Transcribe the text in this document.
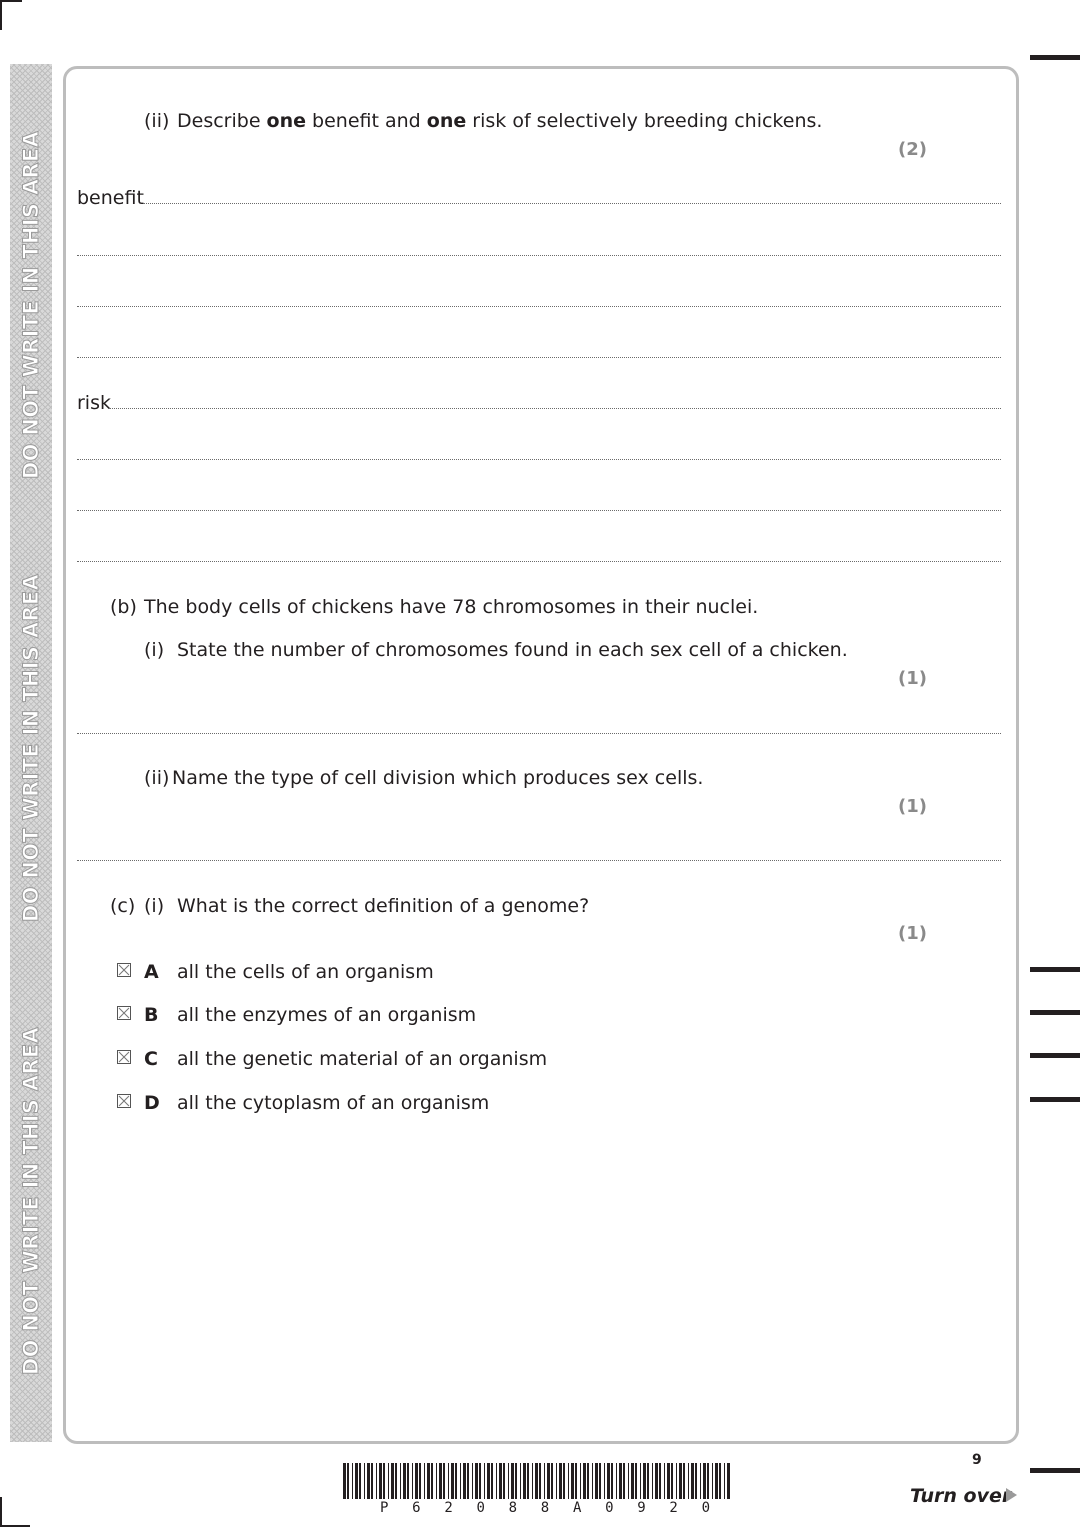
DO NOT WRITE IN THIS AREA
DO NOT WRITE IN THIS AREA
DO NOT WRITE IN THIS AREA
(ii) Describe one benefit and one risk of selectively breeding chickens.
(2)
benefit
risk
(b) The body cells of chickens have 78 chromosomes in their nuclei.
(i) State the number of chromosomes found in each sex cell of a chicken.
(1)
(ii) Name the type of cell division which produces sex cells.
(1)
(c) (i) What is the correct definition of a genome?
(1)
A all the cells of an organism
B all the enzymes of an organism
C all the genetic material of an organism
D all the cytoplasm of an organism
P 6 2 0 8 8 A 0 9 2 0
9
Turn over
